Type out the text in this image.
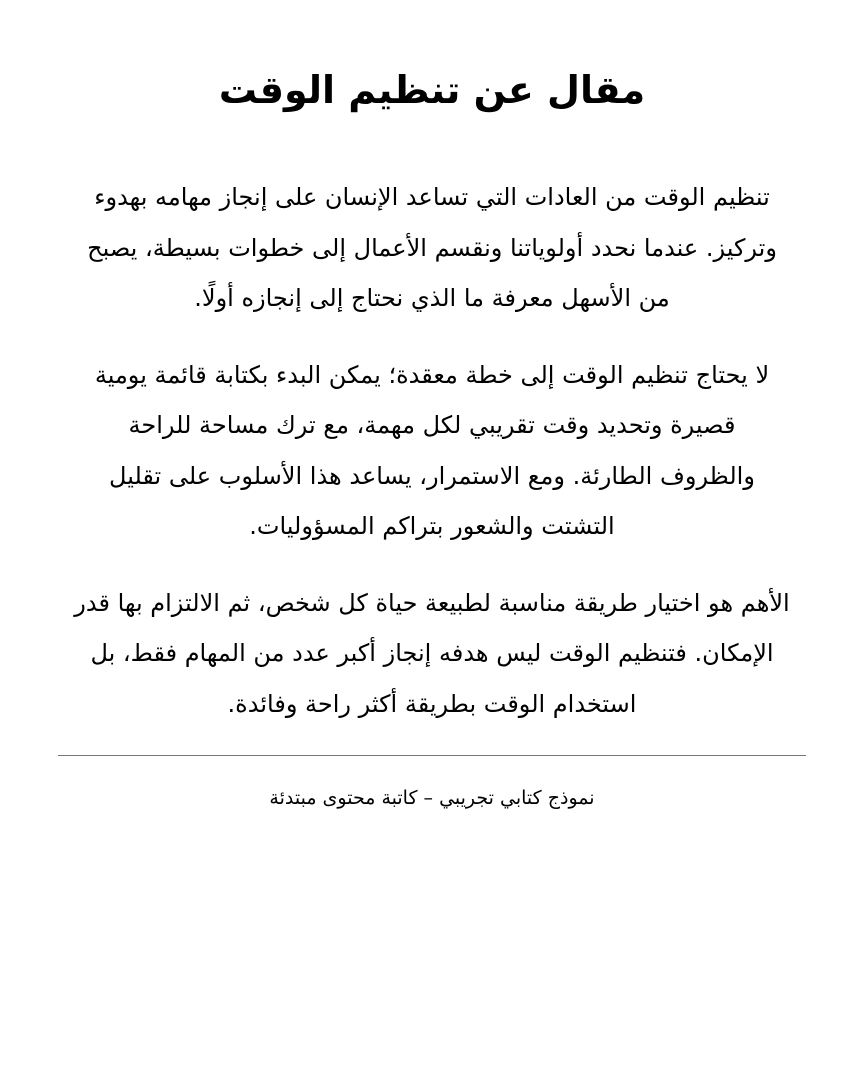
مقال عن تنظيم الوقت

تنظيم الوقت من العادات التي تساعد الإنسان على إنجاز مهامه بهدوء وتركيز. عندما نحدد أولوياتنا ونقسم الأعمال إلى خطوات بسيطة، يصبح من الأسهل معرفة ما الذي نحتاج إلى إنجازه أولًا.

لا يحتاج تنظيم الوقت إلى خطة معقدة؛ يمكن البدء بكتابة قائمة يومية قصيرة وتحديد وقت تقريبي لكل مهمة، مع ترك مساحة للراحة والظروف الطارئة. ومع الاستمرار، يساعد هذا الأسلوب على تقليل التشتت والشعور بتراكم المسؤوليات.

الأهم هو اختيار طريقة مناسبة لطبيعة حياة كل شخص، ثم الالتزام بها قدر الإمكان. فتنظيم الوقت ليس هدفه إنجاز أكبر عدد من المهام فقط، بل استخدام الوقت بطريقة أكثر راحة وفائدة.

نموذج كتابي تجريبي – كاتبة محتوى مبتدئة
